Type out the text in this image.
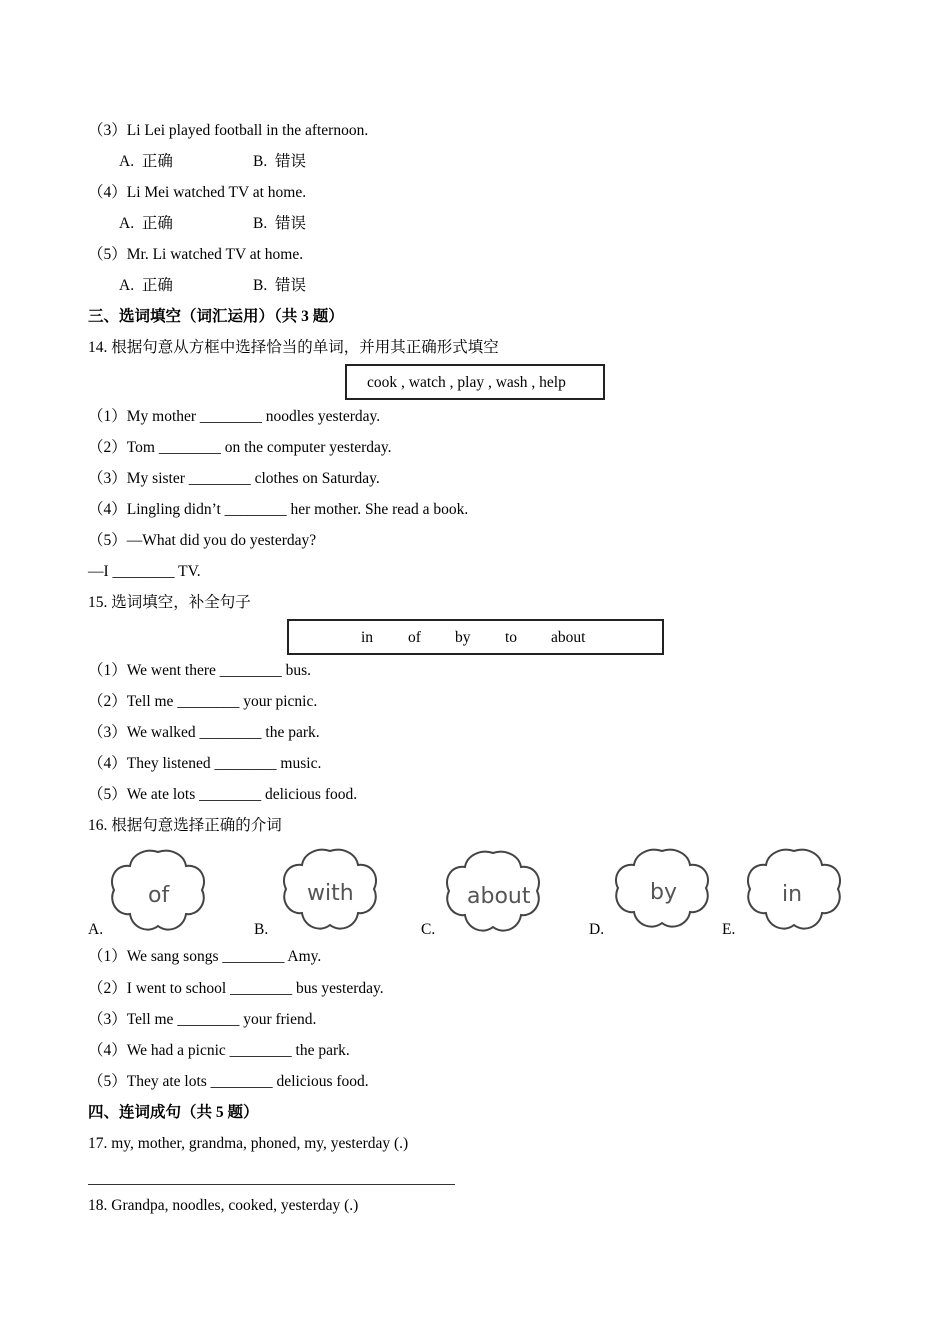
（3）Li Lei played football in the afternoon.
A.  正确	B.  错误
（4）Li Mei watched TV at home.
A.  正确	B.  错误
（5）Mr. Li watched TV at home.
A.  正确	B.  错误
三、选词填空（词汇运用）（共 3 题）
14. 根据句意从方框中选择恰当的单词，并用其正确形式填空
cook , watch , play , wash , help
（1）My mother ________ noodles yesterday.
（2）Tom ________ on the computer yesterday.
（3）My sister ________ clothes on Saturday.
（4）Lingling didn’t ________ her mother. She read a book.
（5）—What did you do yesterday?
—I ________ TV.
15. 选词填空，补全句子
in of by to about
（1）We went there ________ bus.
（2）Tell me ________ your picnic.
（3）We walked ________ the park.
（4）They listened ________ music.
（5）We ate lots ________ delicious food.
16. 根据句意选择正确的介词
A.
of
B.
with
C.
about
D.
by
E.
in
（1）We sang songs ________ Amy.
（2）I went to school ________ bus yesterday.
（3）Tell me ________ your friend.
（4）We had a picnic ________ the park.
（5）They ate lots ________ delicious food.
四、连词成句（共 5 题）
17. my, mother, grandma, phoned, my, yesterday (.)
18. Grandpa, noodles, cooked, yesterday (.)
